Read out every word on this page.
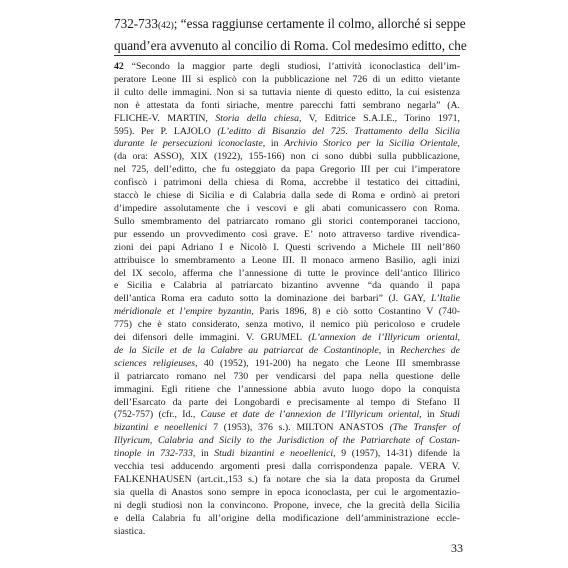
732-733(42); “essa raggiunse certamente il colmo, allorché si seppe
quand’era avvenuto al concilio di Roma. Col medesimo editto, che
42 “Secondo la maggior parte degli studiosi, l’attività iconoclastica dell’im-
peratore Leone III si esplicò con la pubblicazione nel 726 di un editto vietante
il culto delle immagini. Non si sa tuttavia niente di questo editto, la cui esistenza
non è attestata da fonti siriache, mentre parecchi fatti sembrano negarla” (A.
FLICHE-V. MARTIN, Storia della chiesa, V, Editrice S.A.I.E., Torino 1971,
595). Per P. LAJOLO (L’editto di Bisanzio del 725. Trattamento della Sicilia
durante le persecuzioni iconoclaste, in Archivio Storico per la Sicilia Orientale,
(da ora: ASSO), XIX (1922), 155-166) non ci sono dubbi sulla pubblicazione,
nel 725, dell’editto, che fu osteggiato da papa Gregorio III per cui l’imperatore
confiscò i patrimoni della chiesa di Roma, accrebbe il testatico dei cittadini,
staccò le chiese di Sicilia e di Calabria dalla sede di Roma e ordinò ai pretori
d’impedire assolutamente che i vescovi e gli abati comunicassero con Roma.
Sullo smembramento del patriarcato romano gli storici contemporanei tacciono,
pur essendo un provvedimento così grave. E’ noto attraverso tardive rivendica-
zioni dei papi Adriano I e Nicolò I. Questi scrivendo a Michele III nell’860
attribuisce lo smembramento a Leone III. Il monaco armeno Basilio, agli inizi
del IX secolo, afferma che l’annessione di tutte le province dell’antico Illirico
e Sicilia e Calabria al patriarcato bizantino avvenne “da quando il papa
dell’antica Roma era caduto sotto la dominazione dei barbari” (J. GAY, L’Italie
méridionale et l’empire byzantin, Paris 1896, 8) e ciò sotto Costantino V (740-
775) che è stato considerato, senza motivo, il nemico più pericoloso e crudele
dei difensori delle immagini. V. GRUMEL (L’annexion de l’Illyricum oriental,
de la Sicile et de la Calabre au patriarcat de Costantinople, in Recherches de
sciences religieuses, 40 (1952), 191-200) ha negato che Leone III smembrasse
il patriarcato romano nel 730 per vendicarsi del papa nella questione delle
immagini. Egli ritiene che l’annessione abbia avuto luogo dopo la conquista
dell’Esarcato da parte dei Longobardi e precisamente al tempo di Stefano II
(752-757) (cfr., Id., Cause et date de l’annexion de l’Illyricum oriental, in Studi
bizantini e neoellenici 7 (1953), 376 s.). MILTON ANASTOS (The Transfer of
Illyricum, Calabria and Sicily to the Jurisdiction of the Patriarchate of Costan-
tinople in 732-733, in Studi bizantini e neoellenici, 9 (1957), 14-31) difende la
vecchia tesi adducendo argomenti presi dalla corrispondenza papale. VERA V.
FALKENHAUSEN (art.cit.,153 s.) fa notare che sia la data proposta da Grumel
sia quella di Anastos sono sempre in epoca iconoclasta, per cui le argomentazio-
ni degli studiosi non la convincono. Propone, invece, che la grecità della Sicilia
e della Calabria fu all’origine della modificazione dell’amministrazione eccle-
siastica.
33
